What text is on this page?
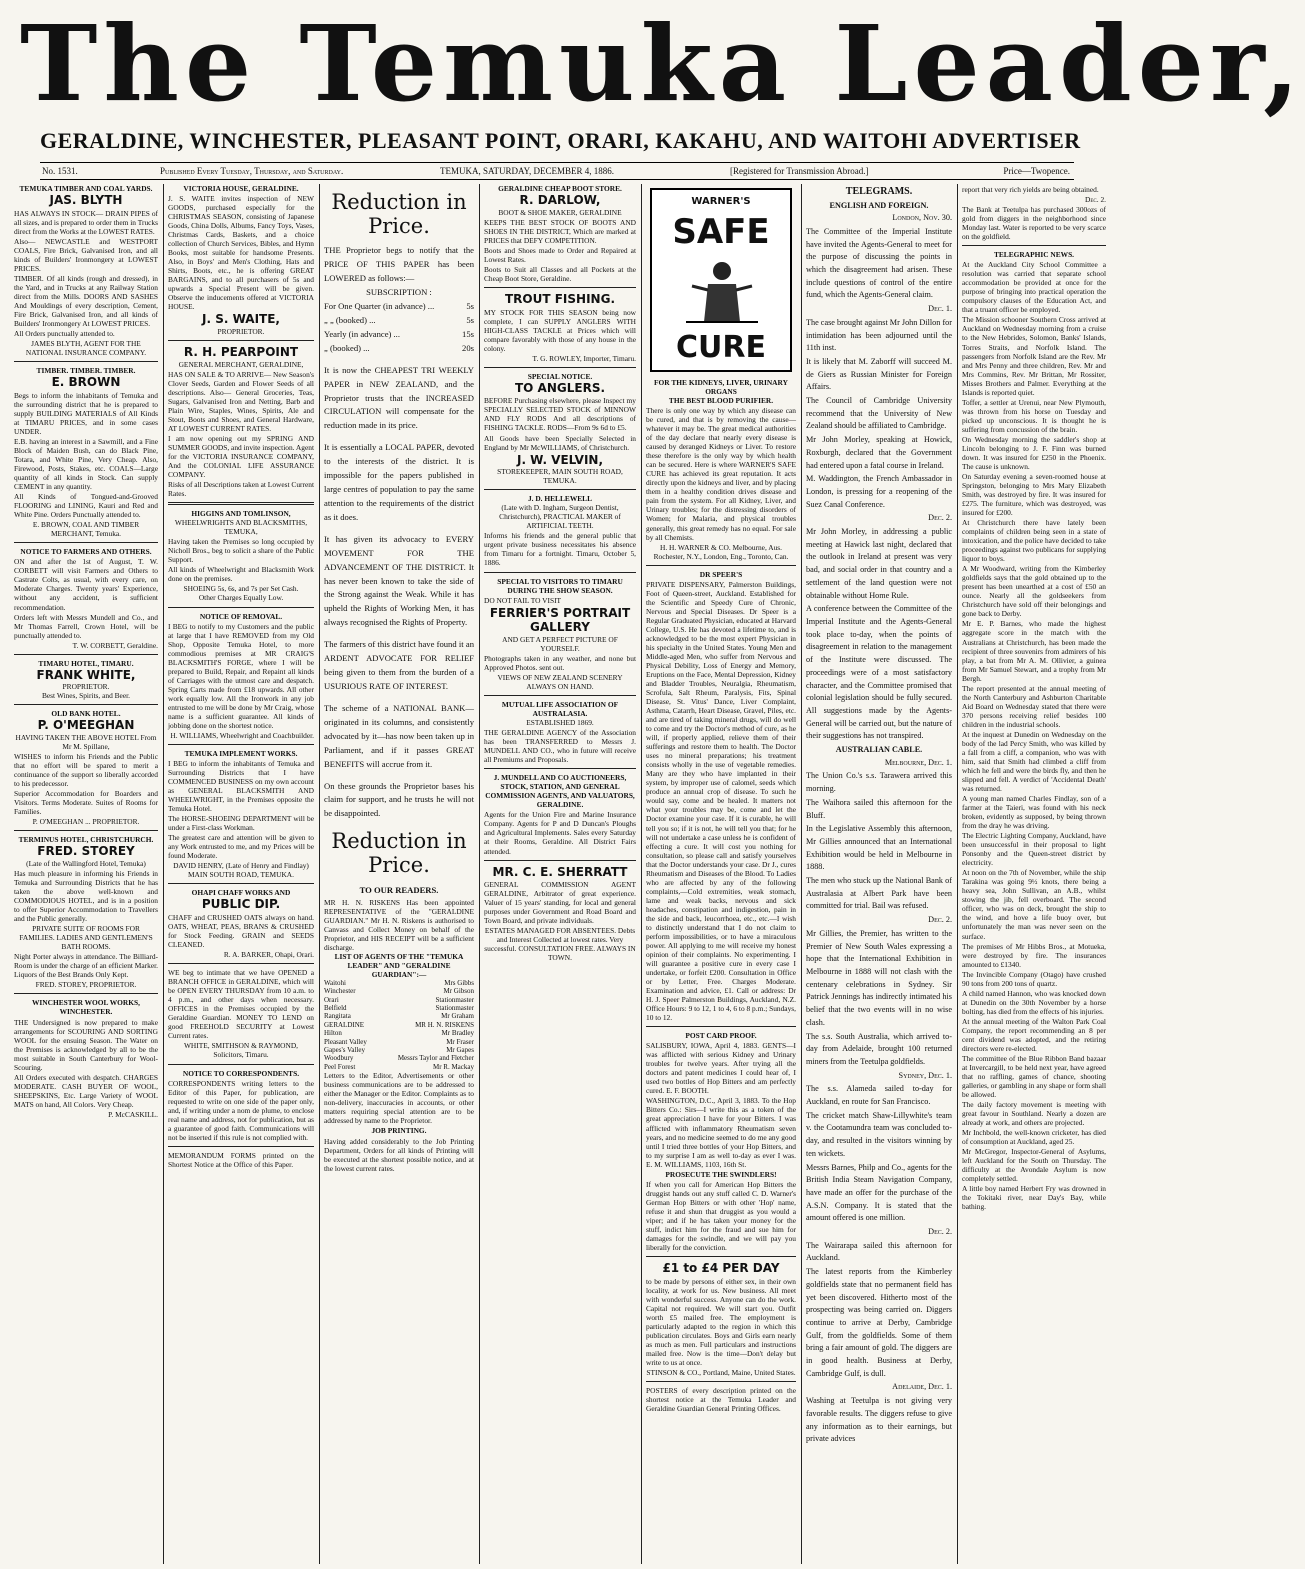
The Temuka Leader,
GERALDINE, WINCHESTER, PLEASANT POINT, ORARI, KAKAHU, AND WAITOHI ADVERTISER
No. 1531.	Published Every Tuesday, Thursday, and Saturday.	TEMUKA, SATURDAY, DECEMBER 4, 1886.	[Registered for Transmission Abroad.]	Price—Twopence.
TEMUKA TIMBER AND COAL YARDS.
JAS. BLYTH

HAS ALWAYS IN STOCK— DRAIN PIPES of all sizes, and is prepared to order them in Trucks direct from the Works at the LOWEST RATES.

Also— NEWCASTLE and WESTPORT COALS, Fire Brick, Galvanised Iron, and all kinds of Builders' Ironmongery at LOWEST PRICES.

TIMBER. Of all kinds (rough and dressed), in the Yard, and in Trucks at any Railway Station direct from the Mills. DOORS AND SASHES And Mouldings of every description, Cement, Fire Brick, Galvanised Iron, and all kinds of Builders' Ironmongery At LOWEST PRICES.

All Orders punctually attended to.

JAMES BLYTH, AGENT FOR THE NATIONAL INSURANCE COMPANY.
TIMBER. TIMBER. TIMBER.
E. BROWN

Begs to inform the inhabitants of Temuka and the surrounding district that he is prepared to supply BUILDING MATERIALS of All Kinds at TIMARU PRICES, and in some cases UNDER.

E.B. having an interest in a Sawmill, and a Fine Block of Maiden Bush, can do Black Pine, Totara, and White Pine, Very Cheap. Also, Firewood, Posts, Stakes, etc. COALS—Large quantity of all kinds in Stock. Can supply CEMENT in any quantity.

All Kinds of Tongued-and-Grooved FLOORING and LINING, Kauri and Red and White Pine. Orders Punctually attended to.

E. BROWN, COAL AND TIMBER MERCHANT, Temuka.
NOTICE TO FARMERS AND OTHERS.

ON and after the 1st of August, T. W. CORBETT will visit Farmers and Others to Castrate Colts, as usual, with every care, on Moderate Charges. Twenty years' Experience, without any accident, is sufficient recommendation.

Orders left with Messrs Mundell and Co., and Mr Thomas Farrell, Crown Hotel, will be punctually attended to.

T. W. CORBETT, Geraldine.
TIMARU HOTEL, TIMARU.
FRANK WHITE,
PROPRIETOR.
Best Wines, Spirits, and Beer.
OLD BANK HOTEL.
P. O'MEEGHAN
HAVING TAKEN THE ABOVE HOTEL From Mr M. Spillane,

WISHES to inform his Friends and the Public that no effort will be spared to merit a continuance of the support so liberally accorded to his predecessor.

Superior Accommodation for Boarders and Visitors. Terms Moderate. Suites of Rooms for Families.

P. O'MEEGHAN ... PROPRIETOR.
TERMINUS HOTEL, CHRISTCHURCH.
FRED. STOREY
(Late of the Wallingford Hotel, Temuka)

Has much pleasure in informing his Friends in Temuka and Surrounding Districts that he has taken the above well-known and COMMODIOUS HOTEL, and is in a position to offer Superior Accommodation to Travellers and the Public generally.

PRIVATE SUITE OF ROOMS FOR FAMILIES. LADIES AND GENTLEMEN'S BATH ROOMS.

Night Porter always in attendance. The Billiard-Room is under the charge of an efficient Marker. Liquors of the Best Brands Only Kept.

FRED. STOREY, PROPRIETOR.
WINCHESTER WOOL WORKS, WINCHESTER.

THE Undersigned is now prepared to make arrangements for SCOURING AND SORTING WOOL for the ensuing Season. The Water on the Premises is acknowledged by all to be the most suitable in South Canterbury for Wool-Scouring.

All Orders executed with despatch. CHARGES MODERATE. CASH BUYER OF WOOL, SHEEPSKINS, Etc. Large Variety of WOOL MATS on hand, All Colors. Very Cheap.

P. McCASKILL.
VICTORIA HOUSE, GERALDINE.

J. S. WAITE invites inspection of NEW GOODS, purchased especially for the CHRISTMAS SEASON, consisting of Japanese Goods, China Dolls, Albums, Fancy Toys, Vases, Christmas Cards, Baskets, and a choice collection of Church Services, Bibles, and Hymn Books, most suitable for handsome Presents. Also, in Boys' and Men's Clothing, Hats and Shirts, Boots, etc., he is offering GREAT BARGAINS, and to all purchasers of 5s and upwards a Special Present will be given. Observe the inducements offered at VICTORIA HOUSE.

J. S. WAITE,
PROPRIETOR.
R. H. PEARPOINT
GENERAL MERCHANT, GERALDINE,

HAS ON SALE & TO ARRIVE— New Season's Clover Seeds, Garden and Flower Seeds of all descriptions. Also— General Groceries, Teas, Sugars, Galvanised Iron and Netting, Barb and Plain Wire, Staples, Wines, Spirits, Ale and Stout, Boots and Shoes, and General Hardware, AT LOWEST CURRENT RATES.

I am now opening out my SPRING AND SUMMER GOODS, and invite inspection. Agent for the VICTORIA INSURANCE COMPANY, And the COLONIAL LIFE ASSURANCE COMPANY.

Risks of all Descriptions taken at Lowest Current Rates.

HIGGINS AND TOMLINSON,
WHEELWRIGHTS AND BLACKSMITHS, TEMUKA,

Having taken the Premises so long occupied by Nicholl Bros., beg to solicit a share of the Public Support.

All kinds of Wheelwright and Blacksmith Work done on the premises.

SHOEING 5s, 6s, and 7s per Set Cash.
Other Charges Equally Low.
NOTICE OF REMOVAL.

I BEG to notify to my Customers and the public at large that I have REMOVED from my Old Shop, Opposite Temuka Hotel, to more commodious premises at MR CRAIG'S BLACKSMITH'S FORGE, where I will be prepared to Build, Repair, and Repaint all kinds of Carriages with the utmost care and despatch. Spring Carts made from £18 upwards. All other work equally low. All the Ironwork in any job entrusted to me will be done by Mr Craig, whose name is a sufficient guarantee. All kinds of jobbing done on the shortest notice.

H. WILLIAMS, Wheelwright and Coachbuilder.
TEMUKA IMPLEMENT WORKS.

I BEG to inform the inhabitants of Temuka and Surrounding Districts that I have COMMENCED BUSINESS on my own account as GENERAL BLACKSMITH AND WHEELWRIGHT, in the Premises opposite the Temuka Hotel.

The HORSE-SHOEING DEPARTMENT will be under a First-class Workman.

The greatest care and attention will be given to any Work entrusted to me, and my Prices will be found Moderate.

DAVID HENRY, (Late of Henry and Findlay) MAIN SOUTH ROAD, TEMUKA.
OHAPI CHAFF WORKS AND
PUBLIC DIP.

CHAFF and CRUSHED OATS always on hand. OATS, WHEAT, PEAS, BRANS & CRUSHED for Stock Feeding. GRAIN and SEEDS CLEANED.

R. A. BARKER, Ohapi, Orari.

WE beg to intimate that we have OPENED a BRANCH OFFICE in GERALDINE, which will be OPEN EVERY THURSDAY from 10 a.m. to 4 p.m., and other days when necessary. OFFICES in the Premises occupied by the Geraldine Guardian. MONEY TO LEND on good FREEHOLD SECURITY at Lowest Current rates.

WHITE, SMITHSON & RAYMOND, Solicitors, Timaru.
NOTICE TO CORRESPONDENTS.

CORRESPONDENTS writing letters to the Editor of this Paper, for publication, are requested to write on one side of the paper only, and, if writing under a nom de plume, to enclose real name and address, not for publication, but as a guarantee of good faith. Communications will not be inserted if this rule is not complied with.

MEMORANDUM FORMS printed on the Shortest Notice at the Office of this Paper.

Reduction in Price.

THE Proprietor begs to notify that the PRICE OF THIS PAPER has been LOWERED as follows:—

SUBSCRIPTION :
For One Quarter (in advance) ...	5s
„ „ (booked) ...	5s
Yearly (in advance) ...	15s
„ (booked) ...	20s

It is now the CHEAPEST TRI WEEKLY PAPER in NEW ZEALAND, and the Proprietor trusts that the INCREASED CIRCULATION will compensate for the reduction made in its price.

It is essentially a LOCAL PAPER, devoted to the interests of the district. It is impossible for the papers published in large centres of population to pay the same attention to the requirements of the district as it does.

It has given its advocacy to EVERY MOVEMENT FOR THE ADVANCEMENT OF THE DISTRICT. It has never been known to take the side of the Strong against the Weak. While it has upheld the Rights of Working Men, it has always recognised the Rights of Property.

The farmers of this district have found it an ARDENT ADVOCATE FOR RELIEF being given to them from the burden of a USURIOUS RATE OF INTEREST.

The scheme of a NATIONAL BANK—originated in its columns, and consistently advocated by it—has now been taken up in Parliament, and if it passes GREAT BENEFITS will accrue from it.

On these grounds the Proprietor bases his claim for support, and he trusts he will not be disappointed.

Reduction in Price.
TO OUR READERS.

MR H. N. RISKENS Has been appointed REPRESENTATIVE of the "GERALDINE GUARDIAN." Mr H. N. Riskens is authorised to Canvass and Collect Money on behalf of the Proprietor, and HIS RECEIPT will be a sufficient discharge.

LIST OF AGENTS OF THE "TEMUKA LEADER" AND "GERALDINE GUARDIAN":—
Waitohi	Mrs Gibbs
Winchester	Mr Gibson
Orari	Stationmaster
Belfield	Stationmaster
Rangitata	Mr Graham
GERALDINE	MR H. N. RISKENS
Hilton	Mr Bradley
Pleasant Valley	Mr Fraser
Gapes's Valley	Mr Gapes
Woodbury	Messrs Taylor and Fletcher
Peel Forest	Mr R. Mackay

Letters to the Editor, Advertisements or other business communications are to be addressed to either the Manager or the Editor. Complaints as to non-delivery, inaccuracies in accounts, or other matters requiring special attention are to be addressed by name to the Proprietor.

JOB PRINTING.

Having added considerably to the Job Printing Department, Orders for all kinds of Printing will be executed at the shortest possible notice, and at the lowest current rates.

GERALDINE CHEAP BOOT STORE.
R. DARLOW,
BOOT & SHOE MAKER, GERALDINE

KEEPS THE BEST STOCK OF BOOTS AND SHOES IN THE DISTRICT, Which are marked at PRICES that DEFY COMPETITION.

Boots and Shoes made to Order and Repaired at Lowest Rates.

Boots to Suit all Classes and all Pockets at the Cheap Boot Store, Geraldine.

TROUT FISHING.

MY STOCK FOR THIS SEASON being now complete, I can SUPPLY ANGLERS WITH HIGH-CLASS TACKLE at Prices which will compare favorably with those of any house in the colony.

T. G. ROWLEY, Importer, Timaru.
SPECIAL NOTICE.
TO ANGLERS.

BEFORE Purchasing elsewhere, please Inspect my SPECIALLY SELECTED STOCK of MINNOW AND FLY RODS And all descriptions of FISHING TACKLE. RODS—From 9s 6d to £5.

All Goods have been Specially Selected in England by Mr McWILLIAMS, of Christchurch.

J. W. VELVIN,
STOREKEEPER, MAIN SOUTH ROAD, TEMUKA.
J. D. HELLEWELL
(Late with D. Ingham, Surgeon Dentist, Christchurch), PRACTICAL MAKER of ARTIFICIAL TEETH.

Informs his friends and the general public that urgent private business necessitates his absence from Timaru for a fortnight. Timaru, October 5, 1886.

SPECIAL TO VISITORS TO TIMARU DURING THE SHOW SEASON.

DO NOT FAIL TO VISIT

FERRIER'S PORTRAIT GALLERY
AND GET A PERFECT PICTURE OF YOURSELF.

Photographs taken in any weather, and none but Approved Photos. sent out.

VIEWS OF NEW ZEALAND SCENERY ALWAYS ON HAND.
MUTUAL LIFE ASSOCIATION OF AUSTRALASIA.
ESTABLISHED 1869.

THE GERALDINE AGENCY of the Association has been TRANSFERRED to Messrs J. MUNDELL AND CO., who in future will receive all Premiums and Proposals.

J. MUNDELL AND CO AUCTIONEERS, STOCK, STATION, AND GENERAL COMMISSION AGENTS, AND VALUATORS, GERALDINE.

Agents for the Union Fire and Marine Insurance Company. Agents for P and D Duncan's Ploughs and Agricultural Implements. Sales every Saturday at their Rooms, Geraldine. All District Fairs attended.

MR. C. E. SHERRATT

GENERAL COMMISSION AGENT GERALDINE, Arbitrator of great experience. Valuer of 15 years' standing, for local and general purposes under Government and Road Board and Town Board, and private individuals.

ESTATES MANAGED FOR ABSENTEES. Debts and Interest Collected at lowest rates. Very successful. CONSULTATION FREE. ALWAYS IN TOWN.
WARNER'S
SAFE
CURE
FOR THE KIDNEYS, LIVER, URINARY ORGANS
THE BEST BLOOD PURIFIER.

There is only one way by which any disease can be cured, and that is by removing the cause—whatever it may be. The great medical authorities of the day declare that nearly every disease is caused by deranged Kidneys or Liver. To restore these therefore is the only way by which health can be secured. Here is where WARNER'S SAFE CURE has achieved its great reputation. It acts directly upon the kidneys and liver, and by placing them in a healthy condition drives disease and pain from the system. For all Kidney, Liver, and Urinary troubles; for the distressing disorders of Women; for Malaria, and physical troubles generally, this great remedy has no equal. For sale by all Chemists.

H. H. WARNER & CO. Melbourne, Aus. Rochester, N.Y., London, Eng., Toronto, Can.
DR SPEER'S

PRIVATE DISPENSARY, Palmerston Buildings, Foot of Queen-street, Auckland. Established for the Scientific and Speedy Cure of Chronic, Nervous and Special Diseases. Dr Speer is a Regular Graduated Physician, educated at Harvard College, U.S. He has devoted a lifetime to, and is acknowledged to be the most expert Physician in his specialty in the United States. Young Men and Middle-aged Men, who suffer from Nervous and Physical Debility, Loss of Energy and Memory, Eruptions on the Face, Mental Depression, Kidney and Bladder Troubles, Neuralgia, Rheumatism, Scrofula, Salt Rheum, Paralysis, Fits, Spinal Disease, St. Vitus' Dance, Liver Complaint, Asthma, Catarrh, Heart Disease, Gravel, Piles, etc. and are tired of taking mineral drugs, will do well to come and try the Doctor's method of cure, as he will, if properly applied, relieve them of their sufferings and restore them to health. The Doctor uses no mineral preparations; his treatment consists wholly in the use of vegetable remedies. Many are they who have implanted in their system, by improper use of calomel, seeds which produce an annual crop of disease. To such he would say, come and be healed. It matters not what your troubles may be, come and let the Doctor examine your case. If it is curable, he will tell you so; if it is not, he will tell you that; for he will not undertake a case unless he is confident of effecting a cure. It will cost you nothing for consultation, so please call and satisfy yourselves that the Doctor understands your case. Dr J., cures Rheumatism and Diseases of the Blood. To Ladies who are affected by any of the following complaints,—Cold extremities, weak stomach, lame and weak backs, nervous and sick headaches, constipation and indigestion, pain in the side and back, leucorrhoea, etc., etc.—I wish to distinctly understand that I do not claim to perform impossibilities, or to have a miraculous power. All applying to me will receive my honest opinion of their complaints. No experimenting. I will guarantee a positive cure in every case I undertake, or forfeit £200. Consultation in Office or by Letter, Free. Charges Moderate. Examination and advice, £1. Call or address: Dr H. J. Speer Palmerston Buildings, Auckland, N.Z. Office Hours: 9 to 12, 1 to 4, 6 to 8 p.m.; Sundays, 10 to 12.

POST CARD PROOF.

SALISBURY, IOWA, April 4, 1883. GENTS—I was afflicted with serious Kidney and Urinary troubles for twelve years. After trying all the doctors and patent medicines I could hear of, I used two bottles of Hop Bitters and am perfectly cured. E. F. BOOTH.

WASHINGTON, D.C., April 3, 1883. To the Hop Bitters Co.: Sirs—I write this as a token of the great appreciation I have for your Bitters. I was afflicted with inflammatory Rheumatism seven years, and no medicine seemed to do me any good until I tried three bottles of your Hop Bitters, and to my surprise I am as well to-day as ever I was. E. M. WILLIAMS, 1103, 16th St.

PROSECUTE THE SWINDLERS!

If when you call for American Hop Bitters the druggist hands out any stuff called C. D. Warner's German Hop Bitters or with other 'Hop' name, refuse it and shun that druggist as you would a viper; and if he has taken your money for the stuff, indict him for the fraud and sue him for damages for the swindle, and we will pay you liberally for the conviction.

£1 to £4 PER DAY

to be made by persons of either sex, in their own locality, at work for us. New business. All meet with wonderful success. Anyone can do the work. Capital not required. We will start you. Outfit worth £5 mailed free. The employment is particularly adapted to the region in which this publication circulates. Boys and Girls earn nearly as much as men. Full particulars and instructions mailed free. Now is the time—Don't delay but write to us at once.

STINSON & CO., Portland, Maine, United States.

POSTERS of every description printed on the shortest notice at the Temuka Leader and Geraldine Guardian General Printing Offices.

TELEGRAMS.
ENGLISH AND FOREIGN.
London, Nov. 30.

The Committee of the Imperial Institute have invited the Agents-General to meet for the purpose of discussing the points in which the disagreement had arisen. These include questions of control of the entire fund, which the Agents-General claim.

Dec. 1.

The case brought against Mr John Dillon for intimidation has been adjourned until the 11th inst.

It is likely that M. Zaborff will succeed M. de Giers as Russian Minister for Foreign Affairs.

The Council of Cambridge University recommend that the University of New Zealand should be affiliated to Cambridge.

Mr John Morley, speaking at Howick, Roxburgh, declared that the Government had entered upon a fatal course in Ireland.

M. Waddington, the French Ambassador in London, is pressing for a reopening of the Suez Canal Conference.

Dec. 2.

Mr John Morley, in addressing a public meeting at Hawick last night, declared that the outlook in Ireland at present was very bad, and social order in that country and a settlement of the land question were not obtainable without Home Rule.

A conference between the Committee of the Imperial Institute and the Agents-General took place to-day, when the points of disagreement in relation to the management of the Institute were discussed. The proceedings were of a most satisfactory character, and the Committee promised that colonial legislation should be fully secured. All suggestions made by the Agents-General will be carried out, but the nature of their suggestions has not transpired.

AUSTRALIAN CABLE.
Melbourne, Dec. 1.

The Union Co.'s s.s. Tarawera arrived this morning.

The Waihora sailed this afternoon for the Bluff.

In the Legislative Assembly this afternoon, Mr Gillies announced that an International Exhibition would be held in Melbourne in 1888.

The men who stuck up the National Bank of Australasia at Albert Park have been committed for trial. Bail was refused.

Dec. 2.

Mr Gillies, the Premier, has written to the Premier of New South Wales expressing a hope that the International Exhibition in Melbourne in 1888 will not clash with the centenary celebrations in Sydney. Sir Patrick Jennings has indirectly intimated his belief that the two events will in no wise clash.

The s.s. South Australia, which arrived to-day from Adelaide, brought 100 returned miners from the Teetulpa goldfields.

Sydney, Dec. 1.

The s.s. Alameda sailed to-day for Auckland, en route for San Francisco.

The cricket match Shaw-Lillywhite's team v. the Cootamundra team was concluded to-day, and resulted in the visitors winning by ten wickets.

Messrs Barnes, Philp and Co., agents for the British India Steam Navigation Company, have made an offer for the purchase of the A.S.N. Company. It is stated that the amount offered is one million.

Dec. 2.

The Wairarapa sailed this afternoon for Auckland.

The latest reports from the Kimberley goldfields state that no permanent field has yet been discovered. Hitherto most of the prospecting was being carried on. Diggers continue to arrive at Derby, Cambridge Gulf, from the goldfields. Some of them bring a fair amount of gold. The diggers are in good health. Business at Derby, Cambridge Gulf, is dull.

Adelaide, Dec. 1.

Washing at Teetulpa is not giving very favorable results. The diggers refuse to give any information as to their earnings, but private advices

report that very rich yields are being obtained.

Dec. 2.

The Bank at Teetulpa has purchased 300ozs of gold from diggers in the neighborhood since Monday last. Water is reported to be very scarce on the goldfield.

TELEGRAPHIC NEWS.

At the Auckland City School Committee a resolution was carried that separate school accommodation be provided at once for the purpose of bringing into practical operation the compulsory clauses of the Education Act, and that a truant officer be employed.

The Mission schooner Southern Cross arrived at Auckland on Wednesday morning from a cruise to the New Hebrides, Solomon, Banks' Islands, Torres Straits, and Norfolk Island. The passengers from Norfolk Island are the Rev. Mr and Mrs Penny and three children, Rev. Mr and Mrs Commins, Rev. Mr Brittan, Mr Rossiter, Misses Brothers and Palmer. Everything at the Islands is reported quiet.

Toffer, a settler at Urenui, near New Plymouth, was thrown from his horse on Tuesday and picked up unconscious. It is thought he is suffering from concussion of the brain.

On Wednesday morning the saddler's shop at Lincoln belonging to J. F. Finn was burned down. It was insured for £250 in the Phoenix. The cause is unknown.

On Saturday evening a seven-roomed house at Springston, belonging to Mrs Mary Elizabeth Smith, was destroyed by fire. It was insured for £275. The furniture, which was destroyed, was insured for £200.

At Christchurch there have lately been complaints of children being seen in a state of intoxication, and the police have decided to take proceedings against two publicans for supplying liquor to boys.

A Mr Woodward, writing from the Kimberley goldfields says that the gold obtained up to the present has been unearthed at a cost of £50 an ounce. Nearly all the goldseekers from Christchurch have sold off their belongings and gone back to Derby.

Mr E. P. Barnes, who made the highest aggregate score in the match with the Australians at Christchurch, has been made the recipient of three souvenirs from admirers of his play, a bat from Mr A. M. Ollivier, a guinea from Mr Samuel Stewart, and a trophy from Mr Bergh.

The report presented at the annual meeting of the North Canterbury and Ashburton Charitable Aid Board on Wednesday stated that there were 370 persons receiving relief besides 100 children in the industrial schools.

At the inquest at Dunedin on Wednesday on the body of the lad Percy Smith, who was killed by a fall from a cliff, a companion, who was with him, said that Smith had climbed a cliff from which he fell and were the birds fly, and then he slipped and fell. A verdict of 'Accidental Death' was returned.

A young man named Charles Findlay, son of a farmer at the Taieri, was found with his neck broken, evidently as supposed, by being thrown from the dray he was driving.

The Electric Lighting Company, Auckland, have been unsuccessful in their proposal to light Ponsonby and the Queen-street district by electricity.

At noon on the 7th of November, while the ship Tarakina was going 9½ knots, there being a heavy sea, John Sullivan, an A.B., whilst stowing the jib, fell overboard. The second officer, who was on deck, brought the ship to the wind, and hove a life buoy over, but unfortunately the man was never seen on the surface.

The premises of Mr Hibbs Bros., at Motueka, were destroyed by fire. The insurances amounted to £1340.

The Invincible Company (Otago) have crushed 90 tons from 200 tons of quartz.

A child named Hannon, who was knocked down at Dunedin on the 30th November by a horse bolting, has died from the effects of his injuries.

At the annual meeting of the Walton Park Coal Company, the report recommending an 8 per cent dividend was adopted, and the retiring directors were re-elected.

The committee of the Blue Ribbon Band bazaar at Invercargill, to be held next year, have agreed that no raffling, games of chance, shooting galleries, or gambling in any shape or form shall be allowed.

The daily factory movement is meeting with great favour in Southland. Nearly a dozen are already at work, and others are projected.

Mr Inchbold, the well-known cricketer, has died of consumption at Auckland, aged 25.

Mr McGregor, Inspector-General of Asylums, left Auckland for the South on Thursday. The difficulty at the Avondale Asylum is now completely settled.

A little boy named Herbert Fry was drowned in the Tokitaki river, near Day's Bay, while bathing.
